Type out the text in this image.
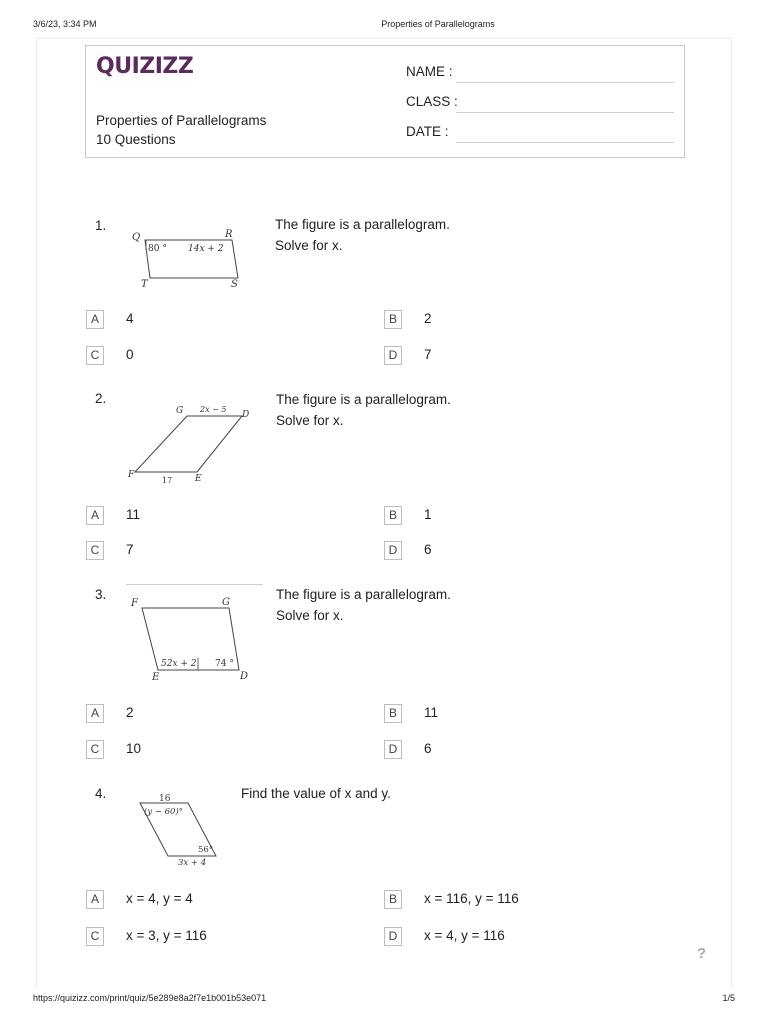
3/6/23, 3:34 PM	Properties of Parallelograms
QUIZIZZ
Properties of Parallelograms
10 Questions
NAME :
CLASS :
DATE :
1.
Q	R
S
T
80 ° 14x + 2
The figure is a parallelogram.
Solve for x.
A	4	B	2
C	0	D	7
2.
G	D
E
F
2x − 5
17
The figure is a parallelogram.
Solve for x.
A	11	B	1
C	7	D	6
3.
F	G
D
E
52x + 2 74 °
The figure is a parallelogram.
Solve for x.
A	2	B	11
C	10	D	6
4.	16
(y − 60)°
56°
3x + 4
Find the value of x and y.
A	x = 4, y = 4	B	x = 116, y = 116
C	x = 3, y = 116	D	x = 4, y = 116
?
https://quizizz.com/print/quiz/5e289e8a2f7e1b001b53e071	1/5
